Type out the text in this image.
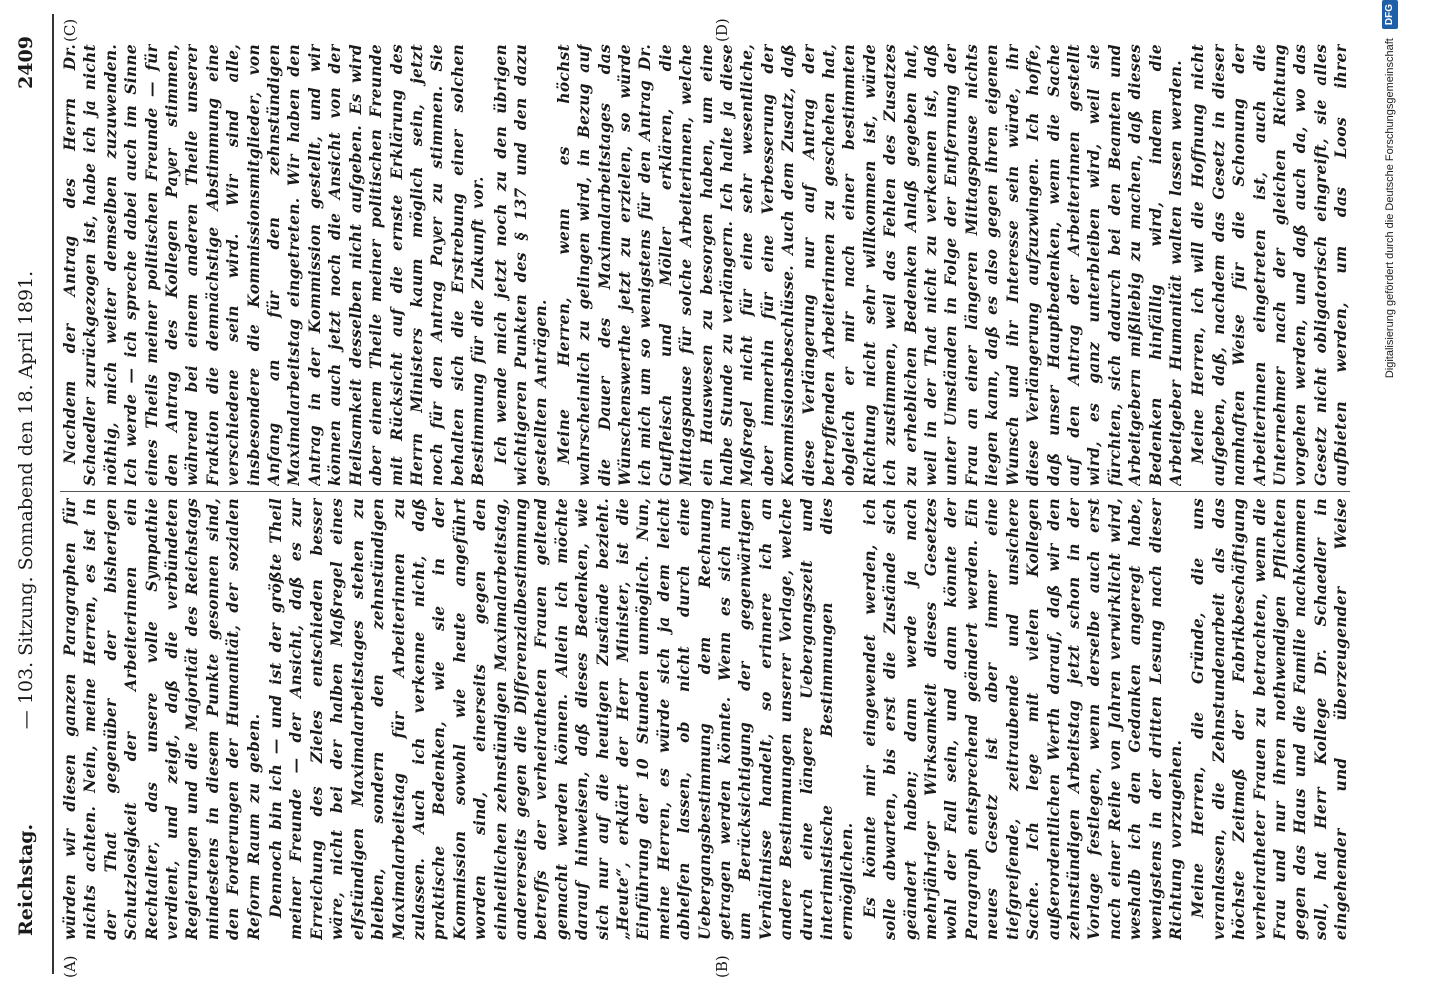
Reichstag.
— 103. Sitzung. Sonnabend den 18. April 1891.
2409
(A)	(B)
(C)	(D)

würden wir diesen ganzen Paragraphen für nichts achten. Nein, meine Herren, es ist in der That gegenüber der bisherigen Schutzlosigkeit der Arbeiterinnen ein Rechtalter, das unsere volle Sympathie verdient, und zeigt, daß die verbündeten Regierungen und die Majorität des Reichstags mindestens in diesem Punkte gesonnen sind, den Forderungen der Humanität, der sozialen Reform Raum zu geben. Dennoch bin ich — und ist der größte Theil meiner Freunde — der Ansicht, daß es zur Erreichung des Zieles entschieden besser wäre, nicht bei der halben Maßregel eines elfstündigen Maximalarbeitstages stehen zu bleiben, sondern den zehnstündigen Maximalarbeitstag für Arbeiterinnen zu zulassen. Auch ich verkenne nicht, daß praktische Bedenken, wie sie in der Kommission sowohl wie heute angeführt worden sind, einerseits gegen den einheitlichen zehnstündigen Maximalarbeitstag, andererseits gegen die Differenzialbestimmung betreffs der verheiratheten Frauen geltend gemacht werden können. Allein ich möchte darauf hinweisen, daß dieses Bedenken, wie sich nur auf die heutigen Zustände bezieht. „Heute“, erklärt der Herr Minister, ist die Einführung der 10 Stunden unmöglich. Nun, meine Herren, es würde sich ja dem leicht abhelfen lassen, ob nicht durch eine Uebergangsbestimmung dem Rechnung getragen werden könnte. Wenn es sich nur um Berücksichtigung der gegenwärtigen Verhältnisse handelt, so erinnere ich an andere Bestimmungen unserer Vorlage, welche durch eine längere Uebergangszeit und interimistische Bestimmungen dies ermöglichen. Es könnte mir eingewendet werden, ich solle abwarten, bis erst die Zustände sich geändert haben; dann werde ja nach mehrjähriger Wirksamkeit dieses Gesetzes wohl der Fall sein, und dann könnte der Paragraph entsprechend geändert werden. Ein neues Gesetz ist aber immer eine tiefgreifende, zeitraubende und unsichere Sache. Ich lege mit vielen Kollegen außerordentlichen Werth darauf, daß wir den zehnstündigen Arbeitstag jetzt schon in der Vorlage festlegen, wenn derselbe auch erst nach einer Reihe von Jahren verwirklicht wird, weshalb ich den Gedanken angeregt habe, wenigstens in der dritten Lesung nach dieser Richtung vorzugehen. Meine Herren, die Gründe, die uns veranlassen, die Zehnstundenarbeit als das höchste Zeitmaß der Fabrikbeschäftigung verheiratheter Frauen zu betrachten, wenn die Frau und nur ihren nothwendigen Pflichten gegen das Haus und die Familie nachkommen soll, hat Herr Kollege Dr. Schaedler in eingehender und überzeugender Weise

Nachdem der Antrag des Herrn Dr. Schaedler zurückgezogen ist, habe ich ja nicht nöthig, mich weiter demselben zuzuwenden. Ich werde — ich spreche dabei auch im Sinne eines Theils meiner politischen Freunde — für den Antrag des Kollegen Payer stimmen, während bei einem anderen Theile unserer Fraktion die demnächstige Abstimmung eine verschiedene sein wird. Wir sind alle, insbesondere die Kommissionsmitglieder, von Anfang an für den zehnstündigen Maximalarbeitstag eingetreten. Wir haben den Antrag in der Kommission gestellt, und wir können auch jetzt noch die Ansicht von der Heilsamkeit desselben nicht aufgeben. Es wird aber einem Theile meiner politischen Freunde mit Rücksicht auf die ernste Erklärung des Herrn Ministers kaum möglich sein, jetzt noch für den Antrag Payer zu stimmen. Sie behalten sich die Erstrebung einer solchen Bestimmung für die Zukunft vor. Ich wende mich jetzt noch zu den übrigen wichtigeren Punkten des § 137 und den dazu gestellten Anträgen. Meine Herren, wenn es höchst wahrscheinlich zu gelingen wird, in Bezug auf die Dauer des Maximalarbeitstages das Wünschenswerthe jetzt zu erzielen, so würde ich mich um so wenigstens für den Antrag Dr. Gutfleisch und Möller erklären, die Mittagspause für solche Arbeiterinnen, welche ein Hauswesen zu besorgen haben, um eine halbe Stunde zu verlängern. Ich halte ja diese Maßregel nicht für eine sehr wesentliche, aber immerhin für eine Verbesserung der Kommissionsbeschlüsse. Auch dem Zusatz, daß diese Verlängerung nur auf Antrag der betreffenden Arbeiterinnen zu geschehen hat, obgleich er mir nach einer bestimmten Richtung nicht sehr willkommen ist, würde ich zustimmen, weil das Fehlen des Zusatzes zu erheblichen Bedenken Anlaß gegeben hat, weil in der That nicht zu verkennen ist, daß unter Umständen in Folge der Entfernung der Frau an einer längeren Mittagspause nichts liegen kann, daß es also gegen ihren eigenen Wunsch und ihr Interesse sein würde, ihr diese Verlängerung aufzuzwingen. Ich hoffe, daß unser Hauptbedenken, wenn die Sache auf den Antrag der Arbeiterinnen gestellt wird, es ganz unterbleiben wird, weil sie fürchten, sich dadurch bei den Beamten und Arbeitgebern mißliebig zu machen, daß dieses Bedenken hinfällig wird, indem die Arbeitgeber Humanität walten lassen werden. Meine Herren, ich will die Hoffnung nicht aufgeben, daß, nachdem das Gesetz in dieser namhaften Weise für die Schonung der Arbeiterinnen eingetreten ist, auch die Unternehmer nach der gleichen Richtung vorgehen werden, und daß auch da, wo das Gesetz nicht obligatorisch eingreift, sie alles aufbieten werden, um das Loos ihrer	Digitalisierung gefördert durch die Deutsche Forschungsgemeinschaft DFG
